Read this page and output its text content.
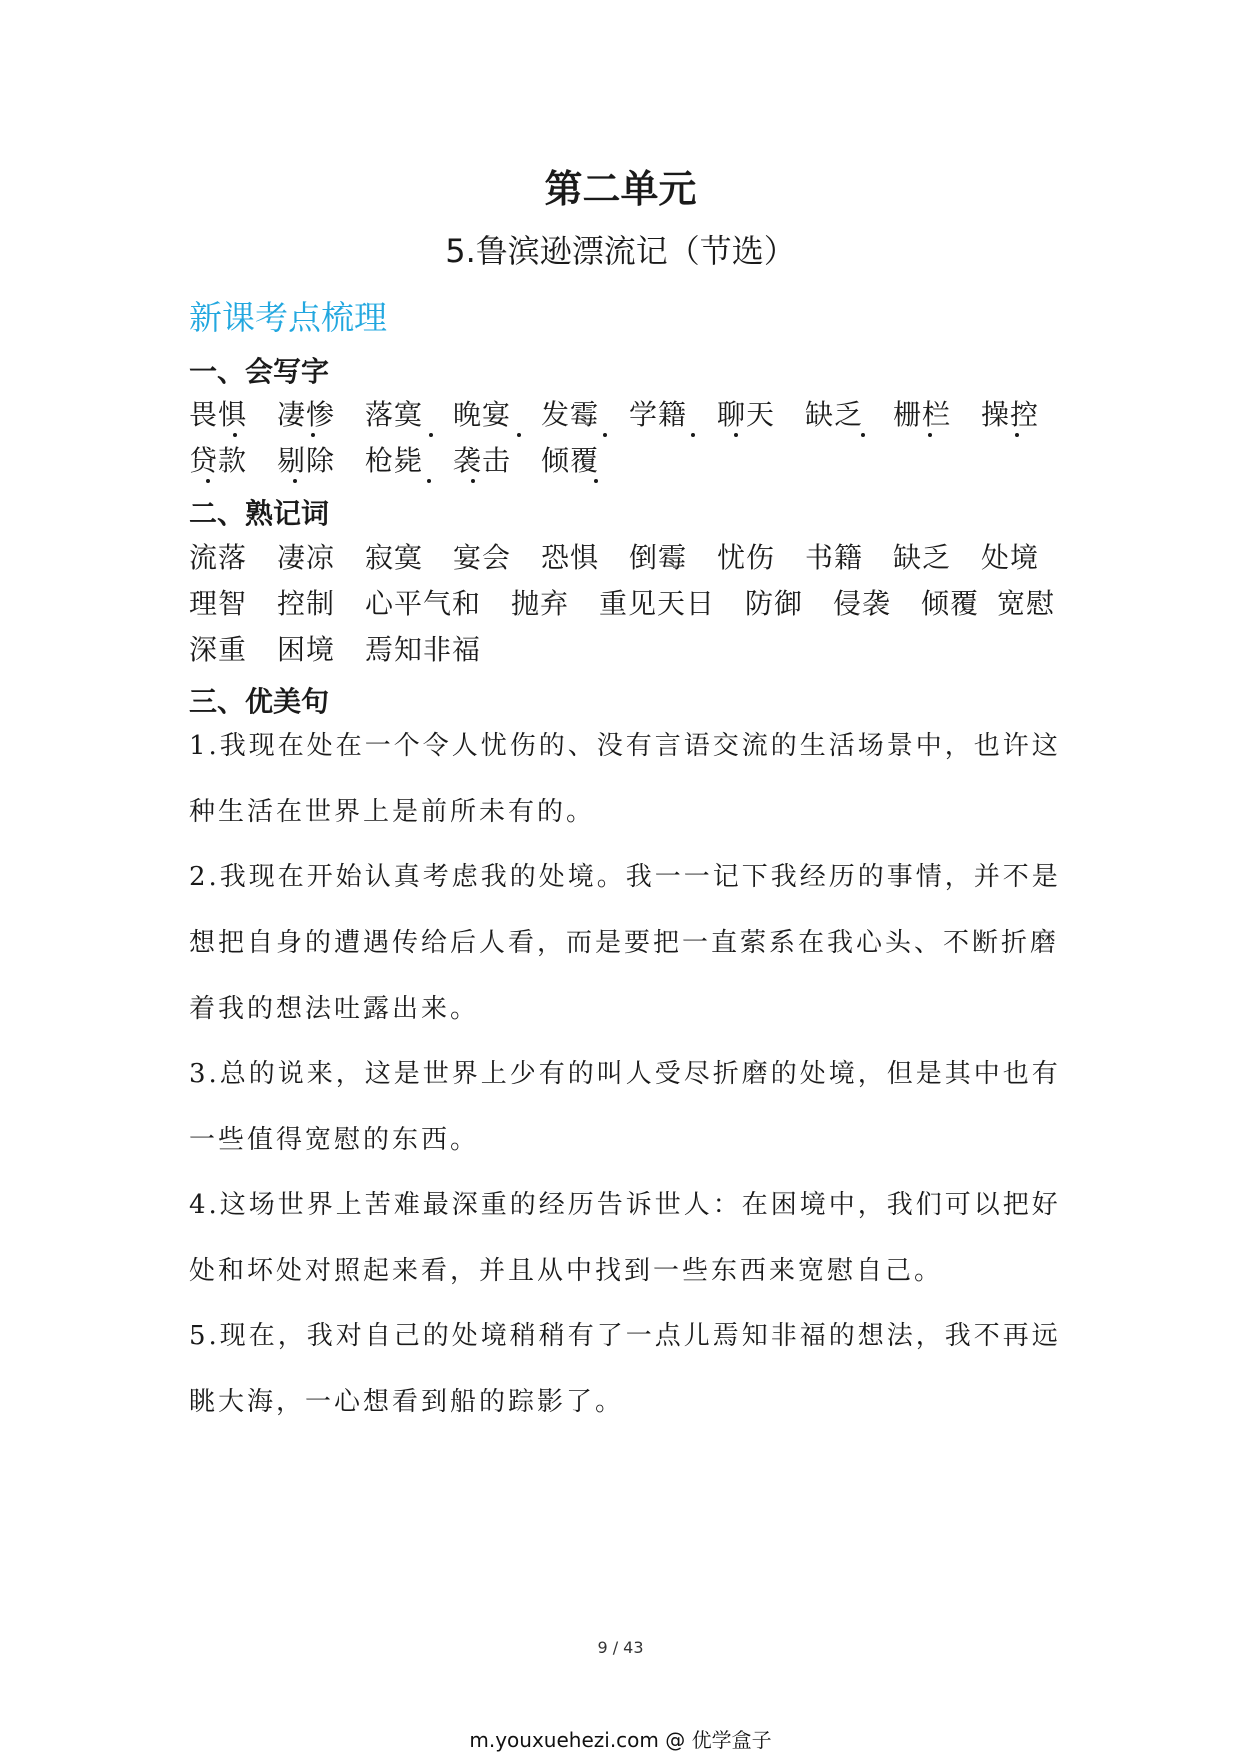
第二单元
5.鲁滨逊漂流记（节选）
新课考点梳理
一、会写字
畏惧 凄惨 落寞 晚宴 发霉 学籍 聊天 缺乏 栅栏 操控
贷款 剔除 枪毙 袭击 倾覆
二、熟记词
流落 凄凉 寂寞 宴会 恐惧 倒霉 忧伤 书籍 缺乏 处境
理智 控制 心平气和 抛弃 重见天日 防御 侵袭 倾覆 宽慰
深重 困境 焉知非福
三、优美句
1.我现在处在一个令人忧伤的、没有言语交流的生活场景中，也许这种生活在世界上是前所未有的。
2.我现在开始认真考虑我的处境。我一一记下我经历的事情，并不是想把自身的遭遇传给后人看，而是要把一直萦系在我心头、不断折磨着我的想法吐露出来。
3.总的说来，这是世界上少有的叫人受尽折磨的处境，但是其中也有一些值得宽慰的东西。
4.这场世界上苦难最深重的经历告诉世人：在困境中，我们可以把好处和坏处对照起来看，并且从中找到一些东西来宽慰自己。
5.现在，我对自己的处境稍稍有了一点儿焉知非福的想法，我不再远眺大海，一心想看到船的踪影了。
9 / 43
m.youxuehezi.com @ 优学盒子
